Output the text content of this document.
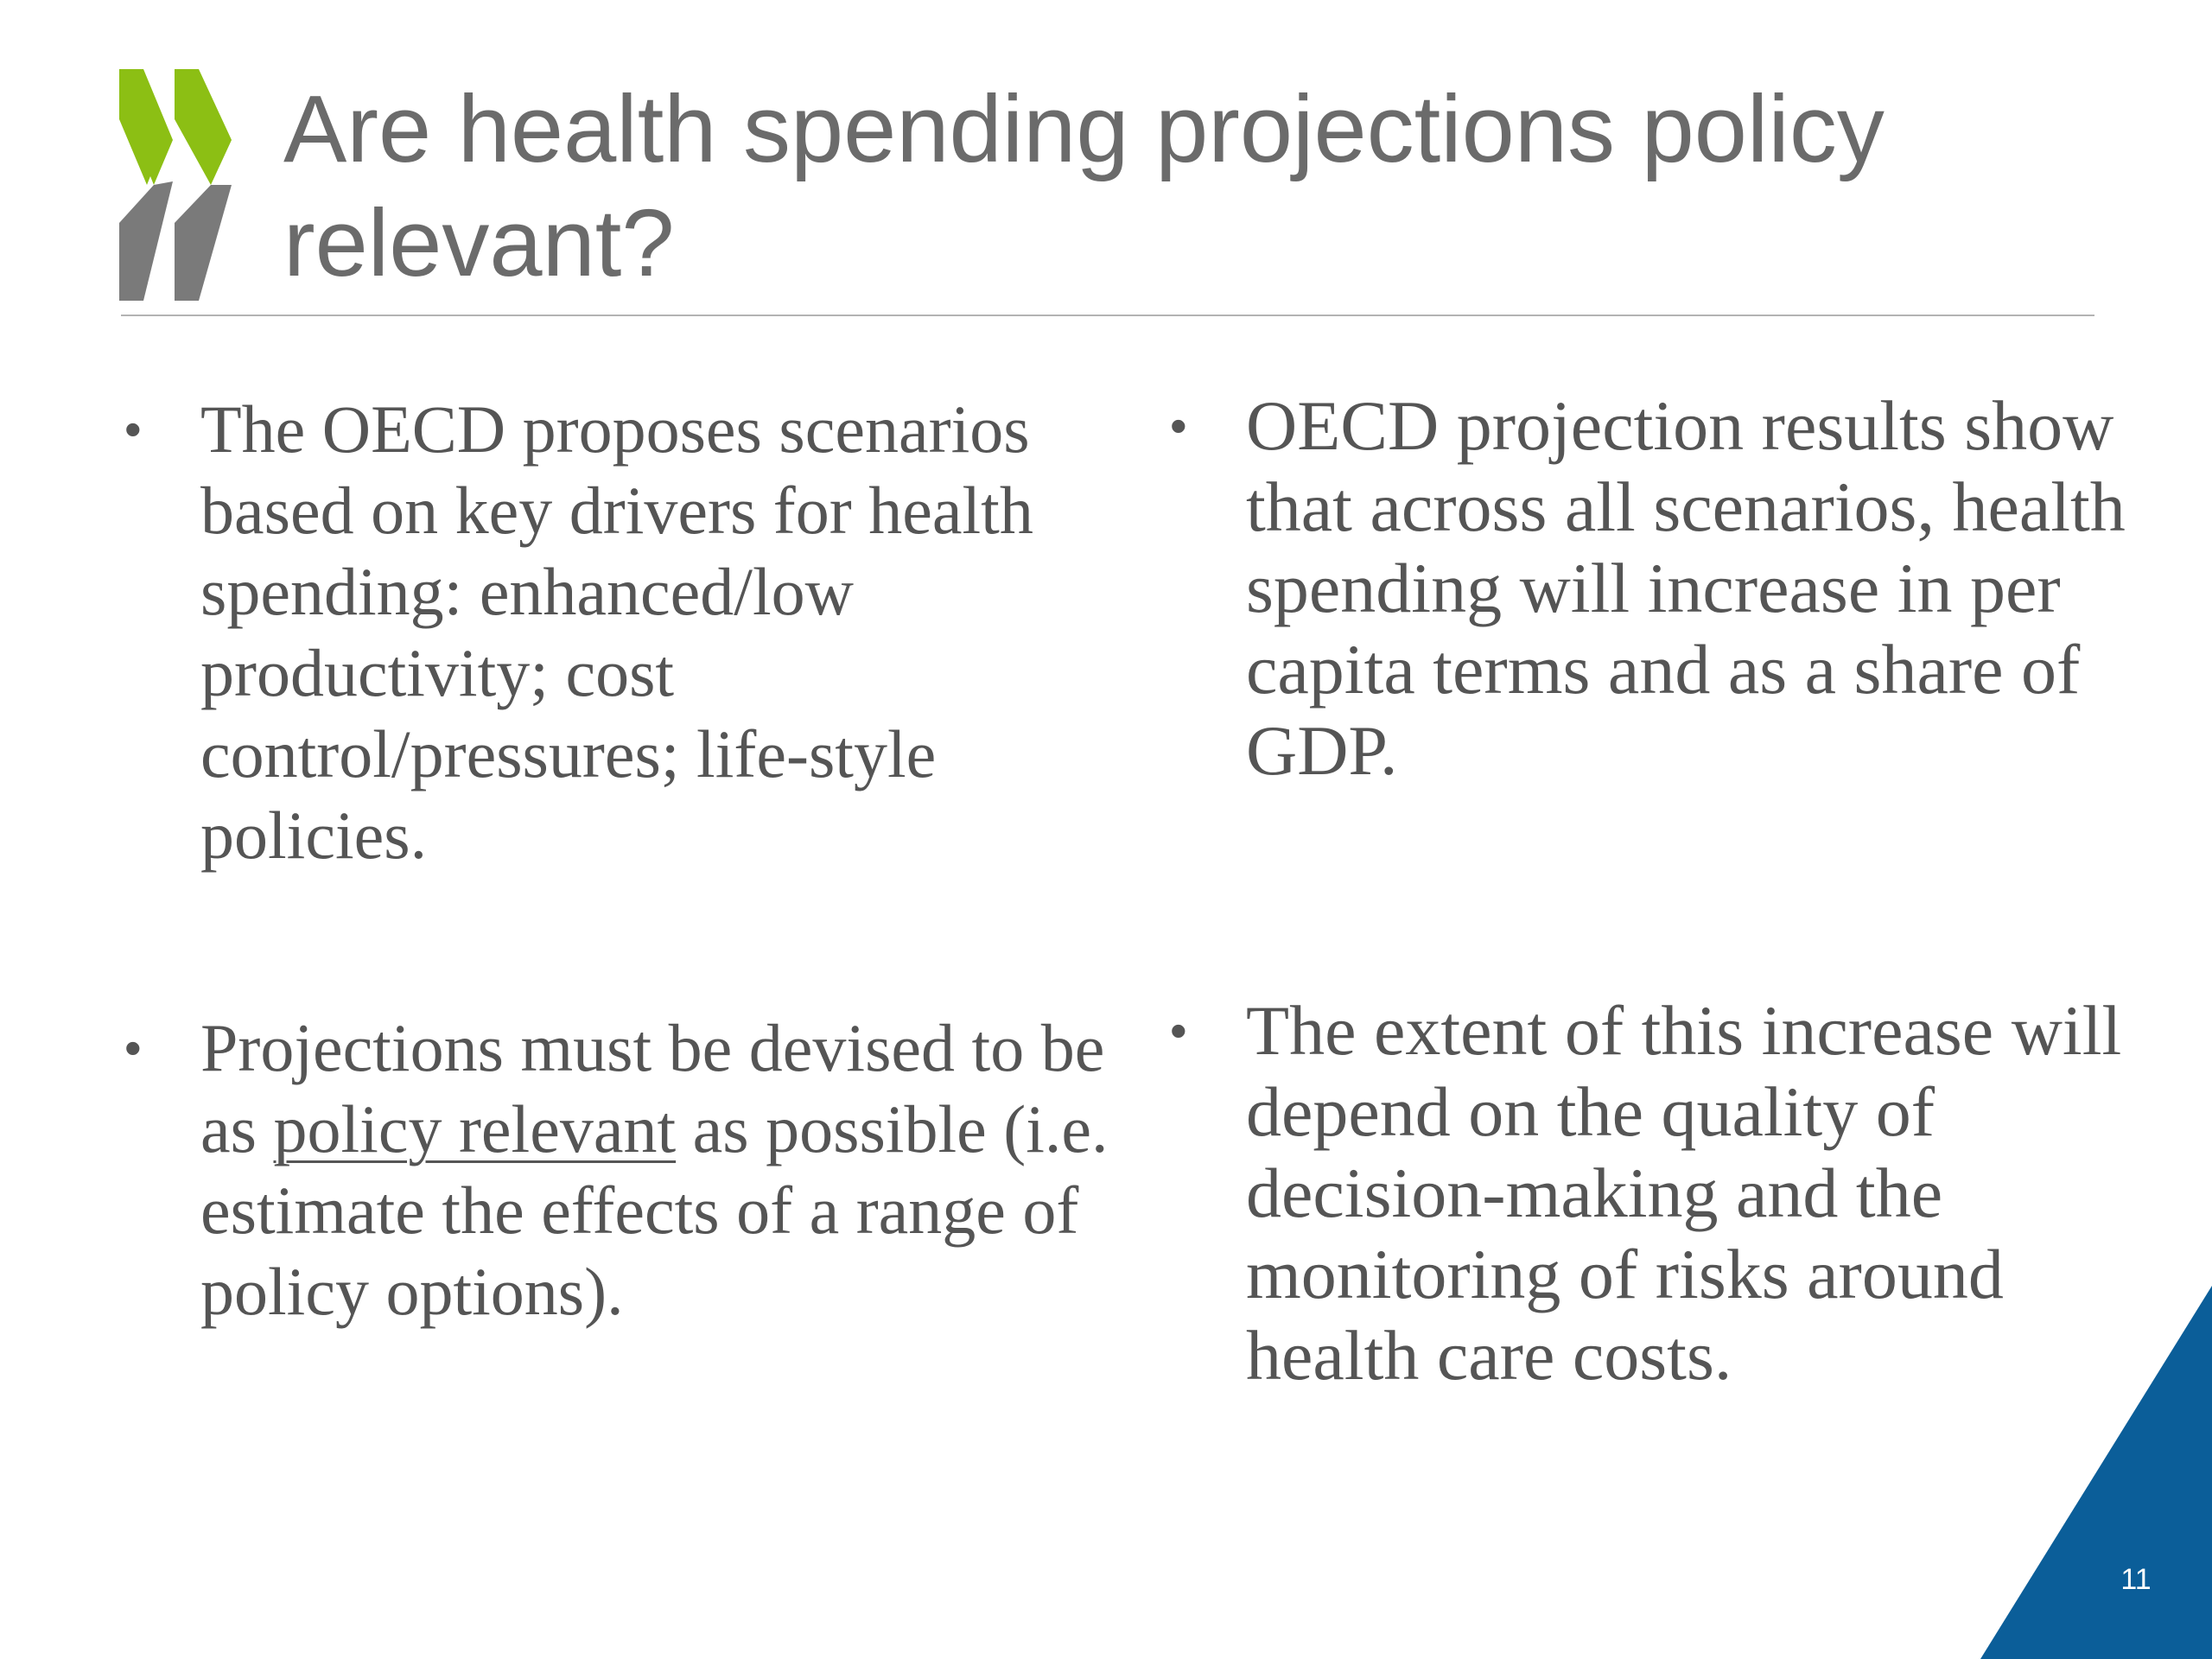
Are health spending projections policy relevant?
• The OECD proposes scenarios based on key drivers for health spending: enhanced/low productivity; cost control/pressures; life-style policies.
• Projections must be devised to be as policy relevant as possible (i.e. estimate the effects of a range of policy options).
• OECD projection results show that across all scenarios, health spending will increase in per capita terms and as a share of GDP.
• The extent of this increase will depend on the quality of decision-making and the monitoring of risks around health care costs.
11
